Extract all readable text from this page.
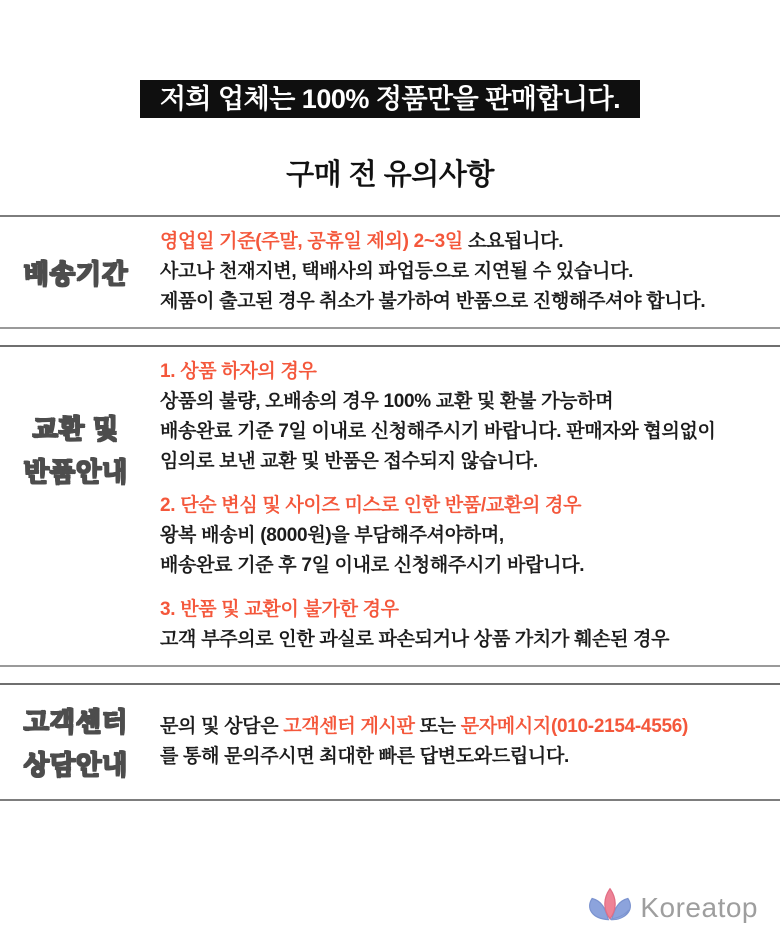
저희 업체는 100% 정품만을 판매합니다.
구매 전 유의사항
배송기간
영업일 기준(주말, 공휴일 제외) 2~3일 소요됩니다.
사고나 천재지변, 택배사의 파업등으로 지연될 수 있습니다.
제품이 출고된 경우 취소가 불가하여 반품으로 진행해주셔야 합니다.
교환 및
반품안내
1. 상품 하자의 경우
상품의 불량, 오배송의 경우 100% 교환 및 환불 가능하며
배송완료 기준 7일 이내로 신청해주시기 바랍니다. 판매자와 협의없이
임의로 보낸 교환 및 반품은 접수되지 않습니다.
2. 단순 변심 및 사이즈 미스로 인한 반품/교환의 경우
왕복 배송비 (8000원)을 부담해주셔야하며,
배송완료 기준 후 7일 이내로 신청해주시기 바랍니다.
3. 반품 및 교환이 불가한 경우
고객 부주의로 인한 과실로 파손되거나 상품 가치가 훼손된 경우
고객센터
상담안내
문의 및 상담은 고객센터 게시판 또는 문자메시지(010-2154-4556)
를 통해 문의주시면 최대한 빠른 답변도와드립니다.
Koreatop
